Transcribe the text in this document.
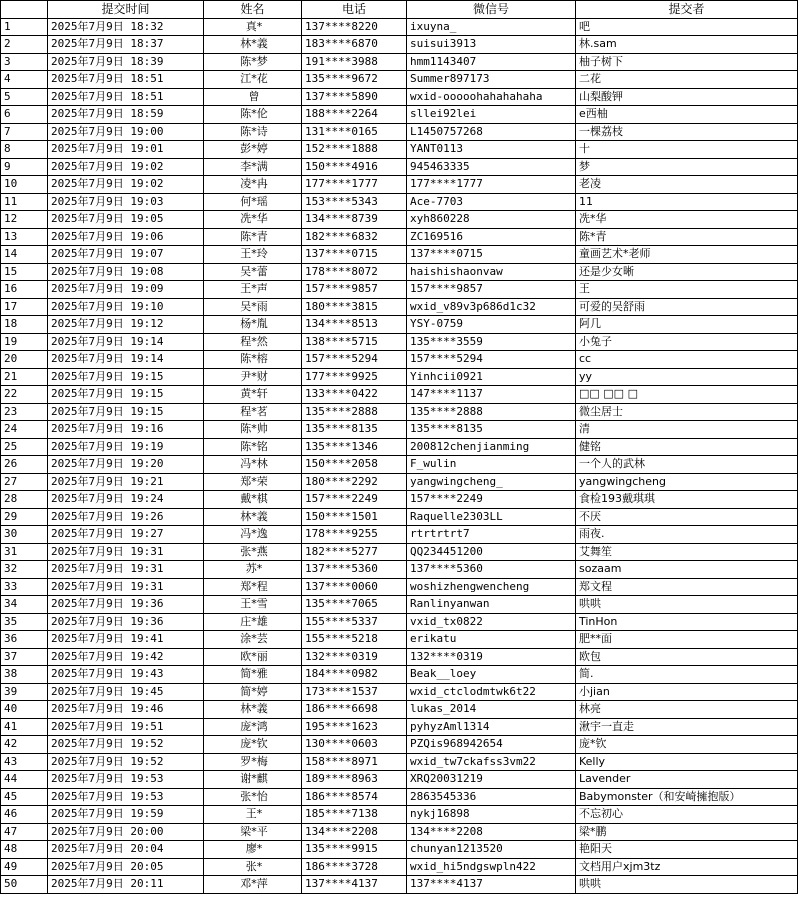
	提交时间	姓名	电话	微信号	提交者
1	2025年7月9日 18:32	真*	137****8220	ixuyna_	吧
2	2025年7月9日 18:37	林*義	183****6870	suisui3913	林.sam
3	2025年7月9日 18:39	陈*梦	191****3988	hmm1143407	柚子树下
4	2025年7月9日 18:51	江*花	135****9672	Summer897173	二花
5	2025年7月9日 18:51	曾	137****5890	wxid-ooooohahahahaha	山梨酸钾
6	2025年7月9日 18:59	陈*伦	188****2264	sllei92lei	e西柚
7	2025年7月9日 19:00	陈*诗	131****0165	L1450757268	一棵荔枝
8	2025年7月9日 19:01	彭*婷	152****1888	YANT0113	十
9	2025年7月9日 19:02	李*满	150****4916	945463335	梦
10	2025年7月9日 19:02	凌*冉	177****1777	177****1777	老凌
11	2025年7月9日 19:03	何*瑶	153****5343	Ace-7703	11
12	2025年7月9日 19:05	冼*华	134****8739	xyh860228	冼*华
13	2025年7月9日 19:06	陈*青	182****6832	ZC169516	陈*青
14	2025年7月9日 19:07	王*玲	137****0715	137****0715	童画艺术*老师
15	2025年7月9日 19:08	吴*蕾	178****8072	haishishaonvaw	还是少女晰
16	2025年7月9日 19:09	王*声	157****9857	157****9857	王
17	2025年7月9日 19:10	吴*雨	180****3815	wxid_v89v3p686d1c32	可爱的吴舒雨
18	2025年7月9日 19:12	杨*胤	134****8513	YSY-0759	阿几
19	2025年7月9日 19:14	程*然	138****5715	135****3559	小兔子
20	2025年7月9日 19:14	陈*榕	157****5294	157****5294	cc
21	2025年7月9日 19:15	尹*财	177****9925	Yinhcii0921	yy
22	2025年7月9日 19:15	黄*轩	133****0422	147****1137	□□ □□ □
23	2025年7月9日 19:15	程*茗	135****2888	135****2888	微尘居士
24	2025年7月9日 19:16	陈*帅	135****8135	135****8135	清
25	2025年7月9日 19:19	陈*铭	135****1346	200812chenjianming	健铭
26	2025年7月9日 19:20	冯*林	150****2058	F_wulin	一个人的武林
27	2025年7月9日 19:21	郑*荣	180****2292	yangwingcheng_	yangwingcheng
28	2025年7月9日 19:24	戴*棋	157****2249	157****2249	食检193戴琪琪
29	2025年7月9日 19:26	林*義	150****1501	Raquelle2303LL	不厌
30	2025年7月9日 19:27	冯*逸	178****9255	rtrtrtrt7	雨夜.
31	2025年7月9日 19:31	张*燕	182****5277	QQ234451200	艾舞笙
32	2025年7月9日 19:31	苏*	137****5360	137****5360	sozaam
33	2025年7月9日 19:31	郑*程	137****0060	woshizhengwencheng	郑文程
34	2025年7月9日 19:36	王*雪	135****7065	Ranlinyanwan	哄哄
35	2025年7月9日 19:36	庄*雄	155****5337	vxid_tx0822	TinHon
36	2025年7月9日 19:41	涂*芸	155****5218	erikatu	肥**面
37	2025年7月9日 19:42	欧*丽	132****0319	132****0319	欧包
38	2025年7月9日 19:43	简*雅	184****0982	Beak__loey	简.
39	2025年7月9日 19:45	简*婷	173****1537	wxid_ctclodmtwk6t22	小jian
40	2025年7月9日 19:46	林*義	186****6698	lukas_2014	林亮
41	2025年7月9日 19:51	庞*鸿	195****1623	pyhyzAml1314	湫宇一直走
42	2025年7月9日 19:52	庞*钦	130****0603	PZQis968942654	庞*钦
43	2025年7月9日 19:52	罗*梅	158****8971	wxid_tw7ckafss3vm22	Kelly
44	2025年7月9日 19:53	谢*麒	189****8963	XRQ20031219	Lavender
45	2025年7月9日 19:53	张*怡	186****8574	2863545336	Babymonster（和安崎擁抱版）
46	2025年7月9日 19:59	王*	185****7138	nykj16898	不忘初心
47	2025年7月9日 20:00	梁*平	134****2208	134****2208	梁*鹏
48	2025年7月9日 20:04	廖*	135****9915	chunyan1213520	艳阳天
49	2025年7月9日 20:05	张*	186****3728	wxid_hi5ndgswpln422	文档用户xjm3tz
50	2025年7月9日 20:11	邓*萍	137****4137	137****4137	哄哄
